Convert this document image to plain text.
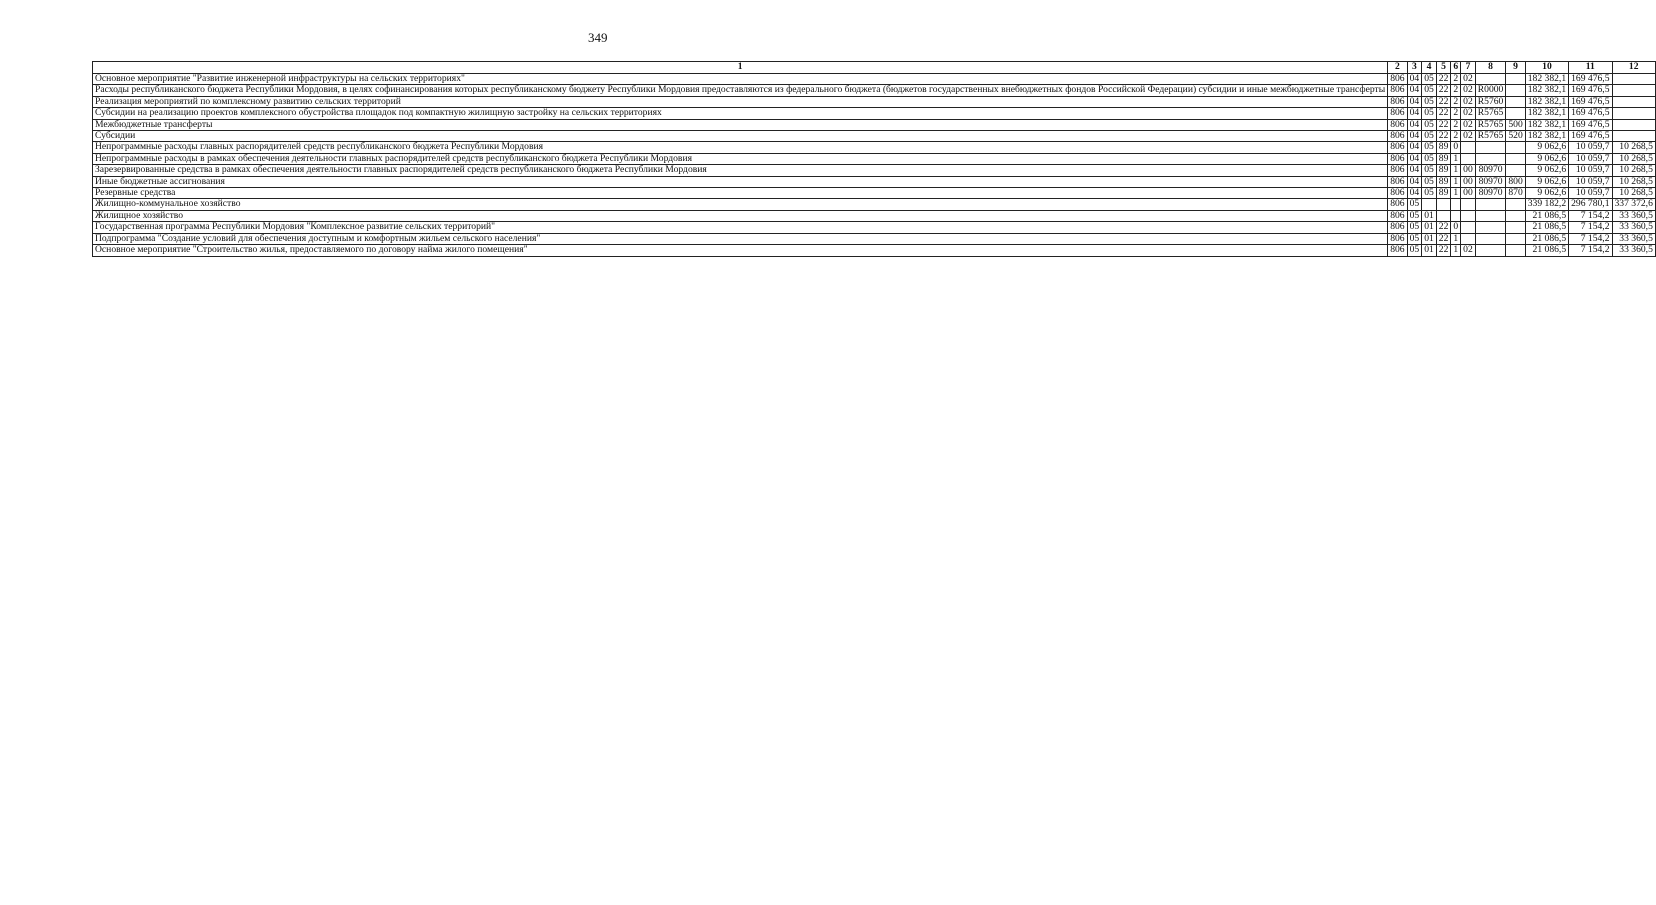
349
1	2	3	4	5	6	7	8	9	10	11	12
Основное мероприятие "Развитие инженерной инфраструктуры на сельских территориях"	806	04	05	22	2	02			182 382,1	169 476,5	
Расходы республиканского бюджета Республики Мордовия, в целях софинансирования которых республиканскому бюджету Республики Мордовия предоставляются из федерального бюджета (бюджетов государственных внебюджетных фондов Российской Федерации) субсидии и иные межбюджетные трансферты	806	04	05	22	2	02	R0000		182 382,1	169 476,5	
Реализация мероприятий по комплексному развитию сельских территорий	806	04	05	22	2	02	R5760		182 382,1	169 476,5	
Субсидии на реализацию проектов комплексного обустройства площадок под компактную жилищную застройку на сельских территориях	806	04	05	22	2	02	R5765		182 382,1	169 476,5	
Межбюджетные трансферты	806	04	05	22	2	02	R5765	500	182 382,1	169 476,5	
Субсидии	806	04	05	22	2	02	R5765	520	182 382,1	169 476,5	
Непрограммные расходы главных распорядителей средств республиканского бюджета Республики Мордовия	806	04	05	89	0				9 062,6	10 059,7	10 268,5
Непрограммные расходы в рамках обеспечения деятельности главных распорядителей средств республиканского бюджета Республики Мордовия	806	04	05	89	1				9 062,6	10 059,7	10 268,5
Зарезервированные средства в рамках обеспечения деятельности главных распорядителей средств республиканского бюджета Республики Мордовия	806	04	05	89	1	00	80970		9 062,6	10 059,7	10 268,5
Иные бюджетные ассигнования	806	04	05	89	1	00	80970	800	9 062,6	10 059,7	10 268,5
Резервные средства	806	04	05	89	1	00	80970	870	9 062,6	10 059,7	10 268,5
Жилищно-коммунальное хозяйство	806	05							339 182,2	296 780,1	337 372,6
Жилищное хозяйство	806	05	01						21 086,5	7 154,2	33 360,5
Государственная программа Республики Мордовия "Комплексное развитие сельских территорий"	806	05	01	22	0				21 086,5	7 154,2	33 360,5
Подпрограмма "Создание условий для обеспечения доступным и комфортным жильем сельского населения"	806	05	01	22	1				21 086,5	7 154,2	33 360,5
Основное мероприятие "Строительство жилья, предоставляемого по договору найма жилого помещения"	806	05	01	22	1	02			21 086,5	7 154,2	33 360,5
